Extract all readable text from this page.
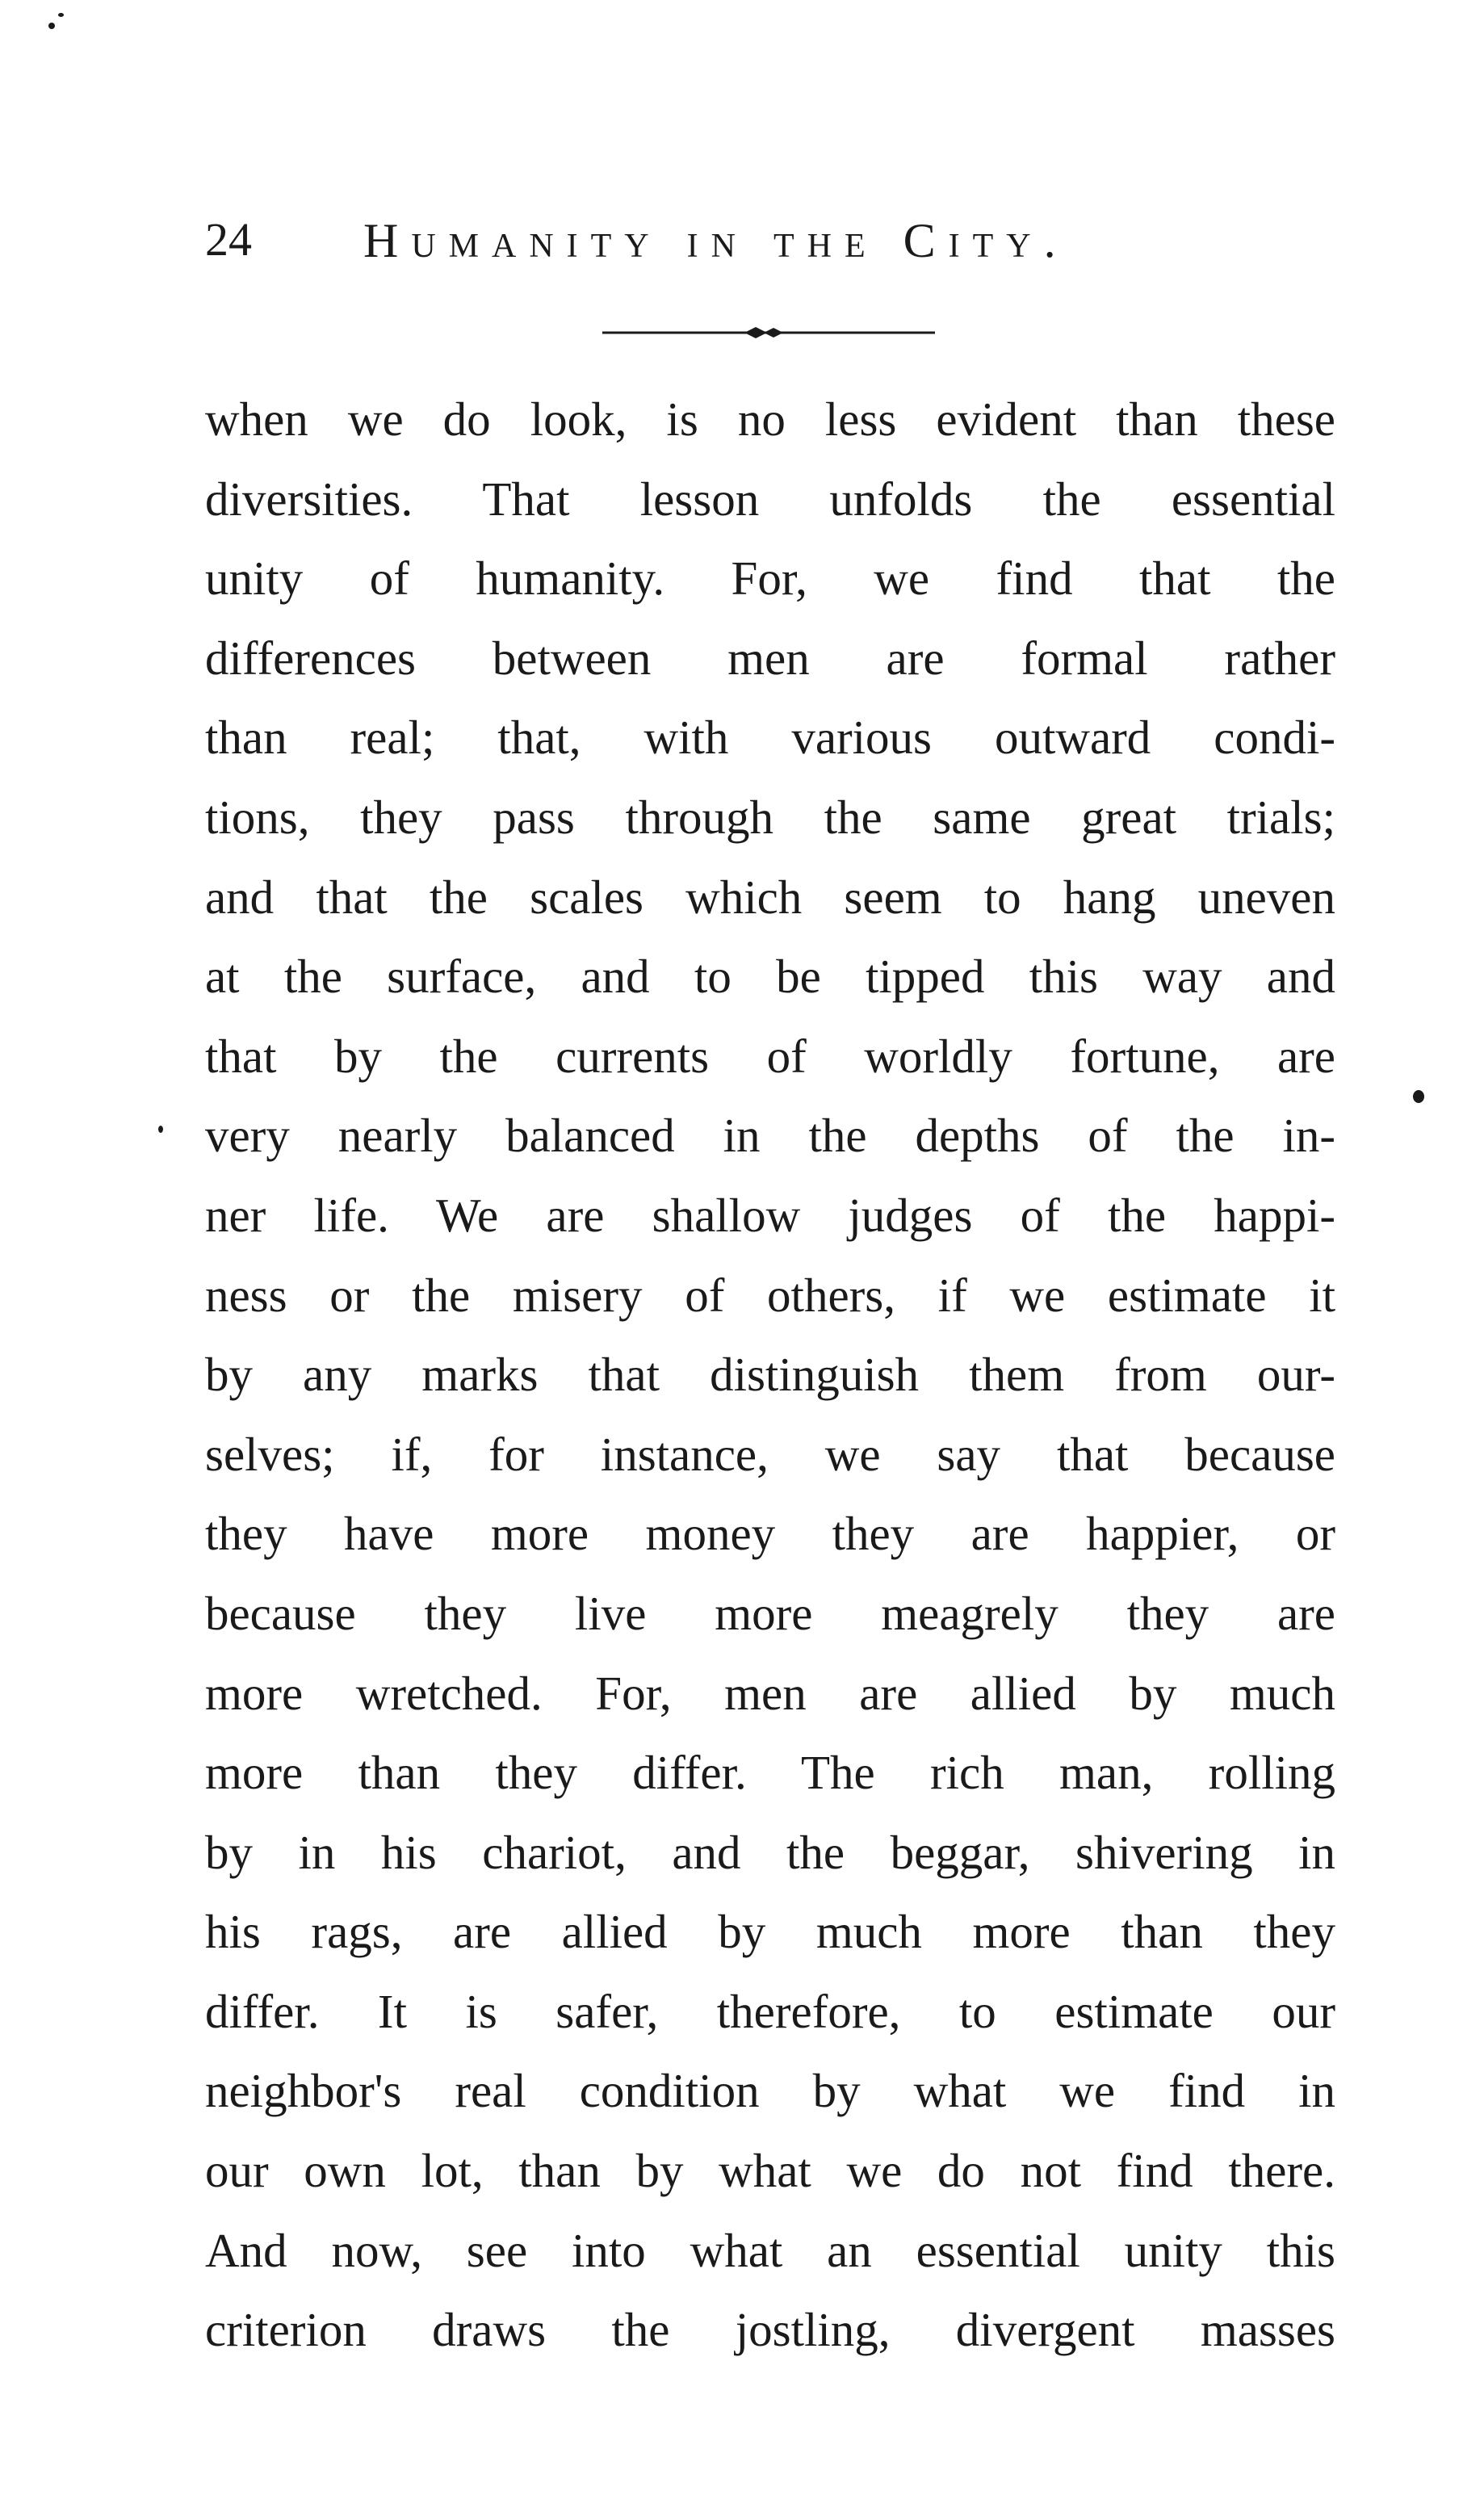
24 Humanity in the City.
when we do look, is no less evident than these
diversities. That lesson unfolds the essential
unity of humanity. For, we find that the
differences between men are formal rather
than real; that, with various outward condi-
tions, they pass through the same great trials;
and that the scales which seem to hang uneven
at the surface, and to be tipped this way and
that by the currents of worldly fortune, are
very nearly balanced in the depths of the in-
ner life. We are shallow judges of the happi-
ness or the misery of others, if we estimate it
by any marks that distinguish them from our-
selves; if, for instance, we say that because
they have more money they are happier, or
because they live more meagrely they are
more wretched. For, men are allied by much
more than they differ. The rich man, rolling
by in his chariot, and the beggar, shivering in
his rags, are allied by much more than they
differ. It is safer, therefore, to estimate our
neighbor's real condition by what we find in
our own lot, than by what we do not find there.
And now, see into what an essential unity this
criterion draws the jostling, divergent masses
